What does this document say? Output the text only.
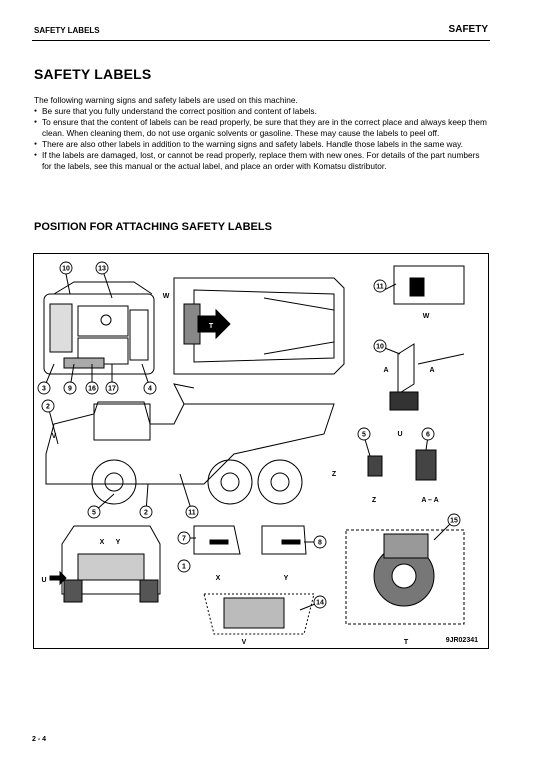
SAFETY LABELS	SAFETY
SAFETY LABELS

The following warning signs and safety labels are used on this machine.

● Be sure that you fully understand the correct position and content of labels.
● To ensure that the content of labels can be read properly, be sure that they are in the correct place and always keep them clean. When cleaning them, do not use organic solvents or gasoline. These may cause the labels to peel off.
● There are also other labels in addition to the warning signs and safety labels. Handle those labels in the same way.
● If the labels are damaged, lost, or cannot be read properly, replace them with new ones. For details of the part numbers for the labels, see this manual or the actual label, and place an order with Komatsu distributor.
POSITION FOR ATTACHING SAFETY LABELS
10	13
3	9 16 17	4
2
5	2	11
7
1
8
15
14
11
10
5	6
W
T
W
A	A
U
Z	A – A
Z
V
X Y
U	X	Y
V	T	9JR02341
2 - 4
